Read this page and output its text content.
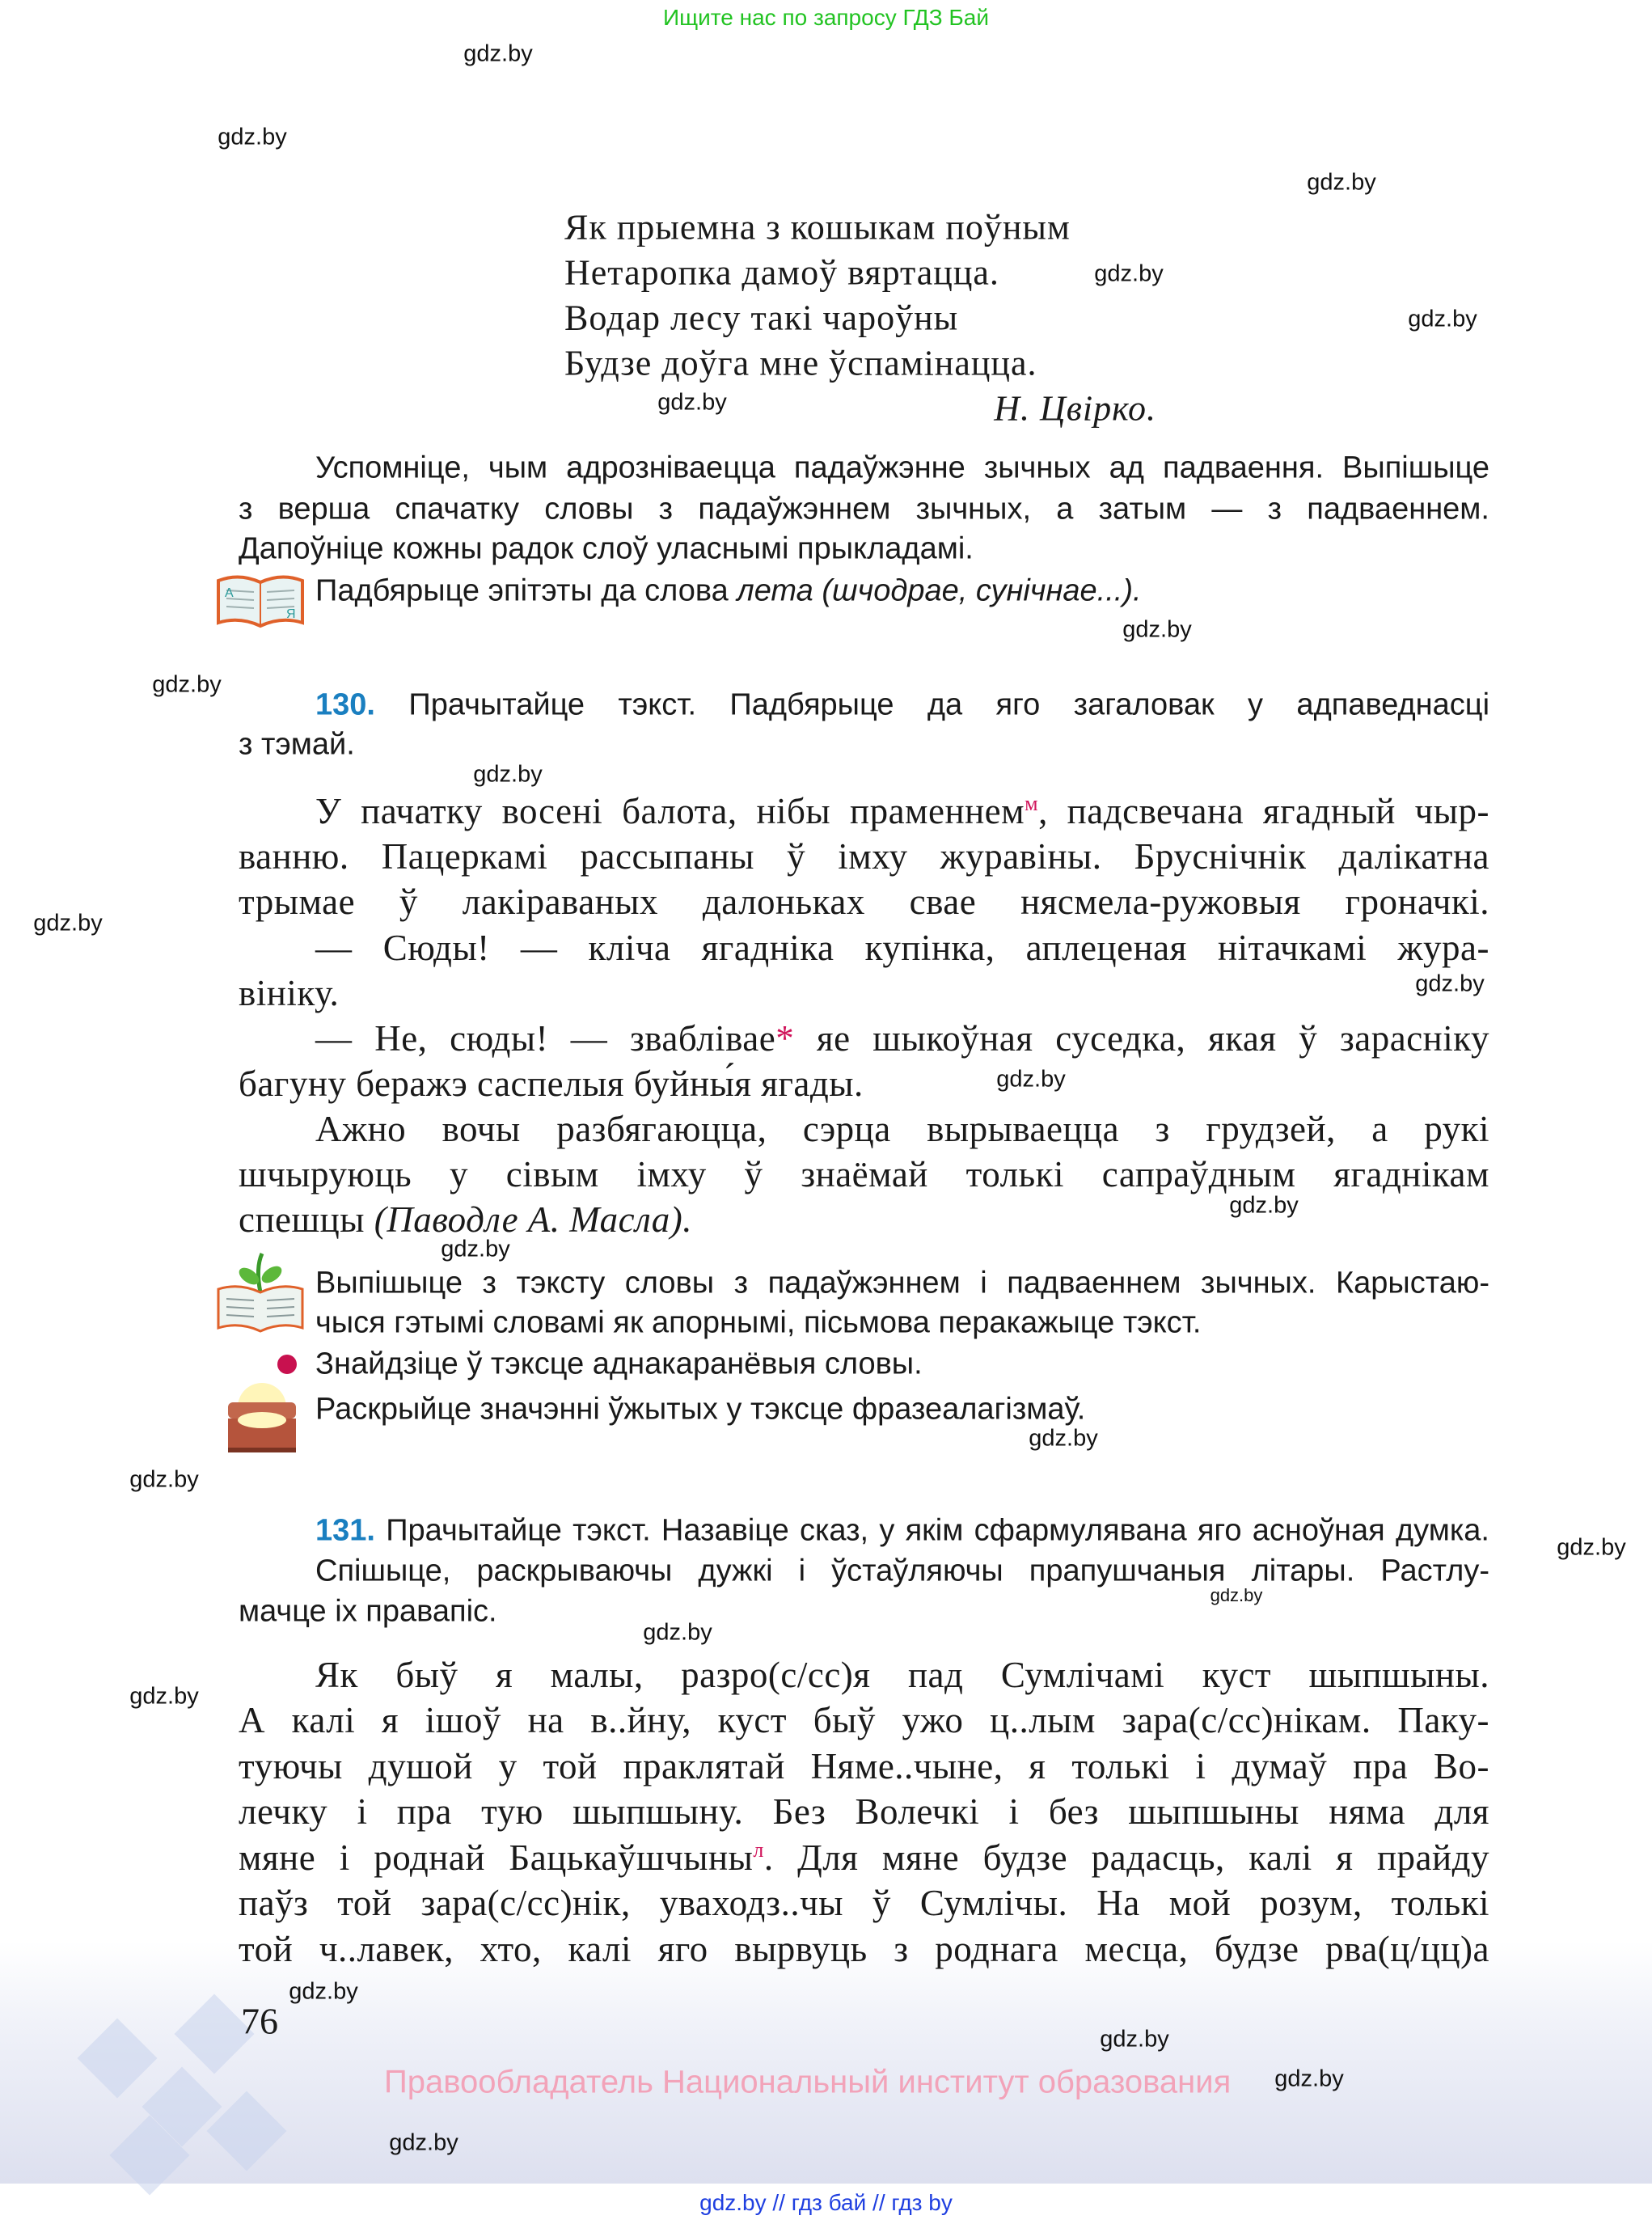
Ищите нас по запросу ГДЗ Бай
Як прыемна з кошыкам поўным
Нетаропка дамоў вяртацца.
Водар лесу такі чароўны
Будзе доўга мне ўспамінацца.
Н. Цвірко.
Успомніце, чым адрозніваецца падаўжэнне зычных ад падваення. Выпішыце
з верша спачатку словы з падаўжэннем зычных, а затым — з падваеннем.
Дапоўніце кожны радок слоў уласнымі прыкладамі.
А
Я
Падбярыце эпітэты да слова лета (шчодрае, сунічнае...).
130. Прачытайце тэкст. Падбярыце да яго загаловак у адпаведнасці
з тэмай.
У пачатку восені балота, нібы праменнем$^м$, падсвечана ягадный чыр-
ванню. Пацеркамі рассыпаны ў імху журавіны. Бруснічнік далікатна
трымае ў лакіраваных далоньках свае нясмела-ружовыя гроначкі.
— Сюды! — кліча ягадніка купінка, аплеценая нітачкамі жура-
вініку.
— Не, сюды! — зваблівае* яе шыкоўная суседка, якая ў зарасніку
багуну беражэ саспелыя буйны́я ягады.
Ажно вочы разбягаюцца, сэрца вырываецца з грудзей, а рукі
шчыруюць у сівым імху ў знаёмай толькі сапраўдным ягаднікам
спешцы (Паводле А. Масла).
Выпішыце з тэксту словы з падаўжэннем і падваеннем зычных. Карыстаю-
чыся гэтымі словамі як апорнымі, пісьмова перакажыце тэкст.
Знайдзіце ў тэксце аднакаранёвыя словы.
Раскрыйце значэнні ўжытых у тэксце фразеалагізмаў.
131. Прачытайце тэкст. Назавіце сказ, у якім сфармулявана яго асноўная думка.
Спішыце, раскрываючы дужкі і ўстаўляючы прапушчаныя літары. Растлу-
мачце іх правапіс.
Як быў я малы, разро(с/сс)я пад Сумлічамі куст шыпшыны.
А калі я ішоў на в..йну, куст быў ужо ц..лым зара(с/сс)нікам. Паку-
туючы душой у той праклятай Няме..чыне, я толькі і думаў пра Во-
лечку і пра тую шыпшыну. Без Волечкі і без шыпшыны няма для
мяне і роднай Бацькаўшчыны$^л$. Для мяне будзе радасць, калі я прайду
паўз той зара(с/сс)нік, уваходз..чы ў Сумлічы. На мой розум, толькі
той ч..лавек, хто, калі яго вырвуць з роднага месца, будзе рва(ц/цц)а
76
Правообладатель Национальный институт образования
gdz.by // гдз бай // гдз by
gdz.by
gdz.by
gdz.by
gdz.by
gdz.by
gdz.by
gdz.by
gdz.by
gdz.by
gdz.by
gdz.by
gdz.by
gdz.by
gdz.by
gdz.by
gdz.by
gdz.by
gdz.by
gdz.by
gdz.by
gdz.by
gdz.by
gdz.by
gdz.by
